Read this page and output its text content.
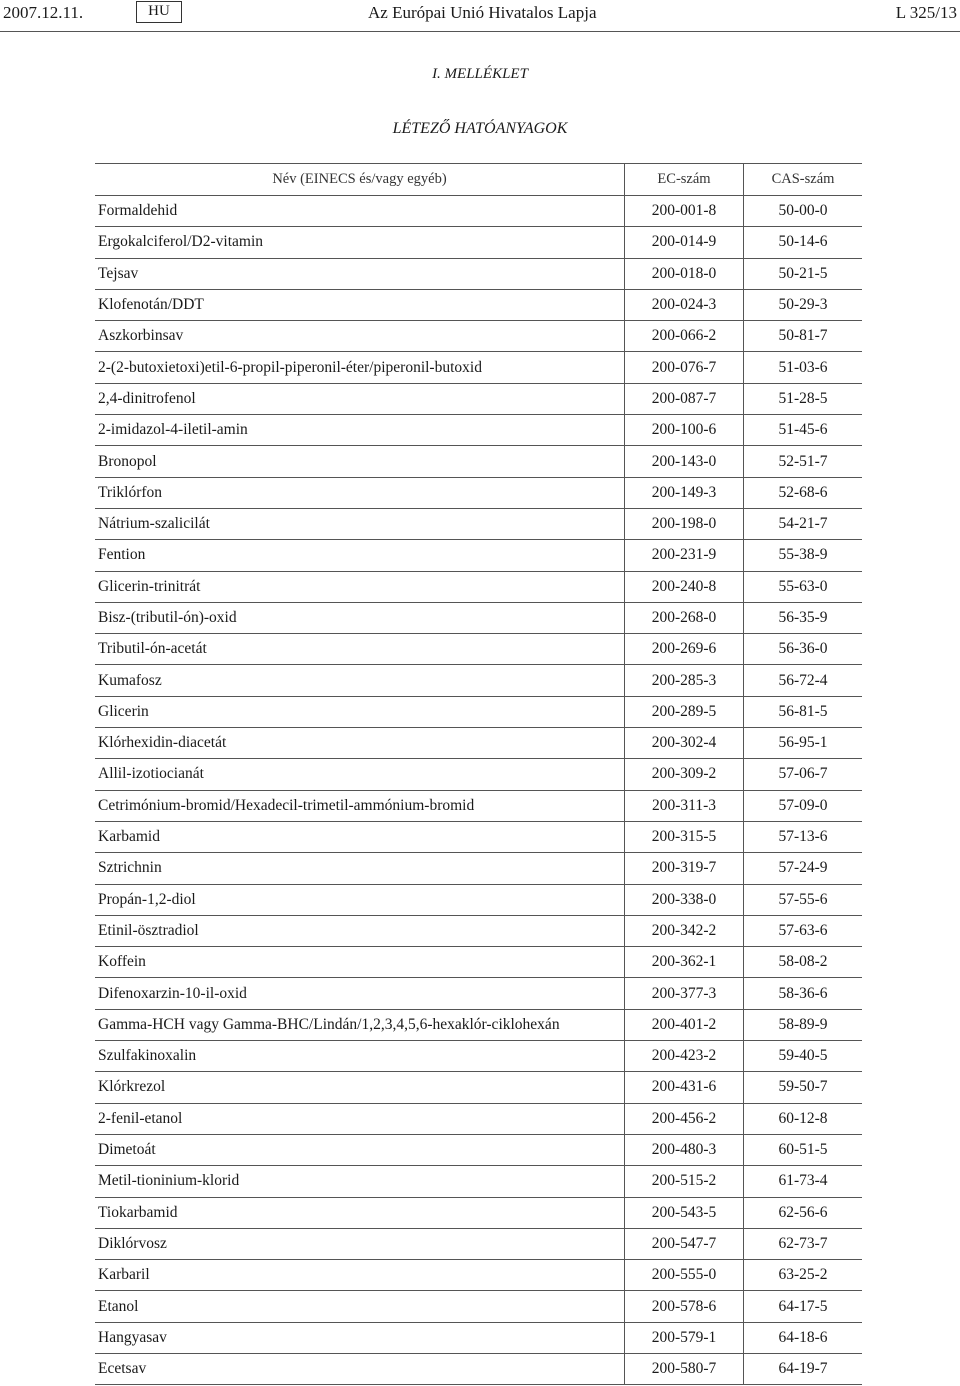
2007.12.11.	HU	Az Európai Unió Hivatalos Lapja	L 325/13
I. MELLÉKLET
LÉTEZŐ HATÓANYAGOK
Név (EINECS és/vagy egyéb)	EC-szám	CAS-szám
Formaldehid	200-001-8	50-00-0
Ergokalciferol/D2-vitamin	200-014-9	50-14-6
Tejsav	200-018-0	50-21-5
Klofenotán/DDT	200-024-3	50-29-3
Aszkorbinsav	200-066-2	50-81-7
2-(2-butoxietoxi)etil-6-propil-piperonil-éter/piperonil-butoxid	200-076-7	51-03-6
2,4-dinitrofenol	200-087-7	51-28-5
2-imidazol-4-iletil-amin	200-100-6	51-45-6
Bronopol	200-143-0	52-51-7
Triklórfon	200-149-3	52-68-6
Nátrium-szalicilát	200-198-0	54-21-7
Fention	200-231-9	55-38-9
Glicerin-trinitrát	200-240-8	55-63-0
Bisz-(tributil-ón)-oxid	200-268-0	56-35-9
Tributil-ón-acetát	200-269-6	56-36-0
Kumafosz	200-285-3	56-72-4
Glicerin	200-289-5	56-81-5
Klórhexidin-diacetát	200-302-4	56-95-1
Allil-izotiocianát	200-309-2	57-06-7
Cetrimónium-bromid/Hexadecil-trimetil-ammónium-bromid	200-311-3	57-09-0
Karbamid	200-315-5	57-13-6
Sztrichnin	200-319-7	57-24-9
Propán-1,2-diol	200-338-0	57-55-6
Etinil-ösztradiol	200-342-2	57-63-6
Koffein	200-362-1	58-08-2
Difenoxarzin-10-il-oxid	200-377-3	58-36-6
Gamma-HCH vagy Gamma-BHC/Lindán/1,2,3,4,5,6-hexaklór-ciklohexán	200-401-2	58-89-9
Szulfakinoxalin	200-423-2	59-40-5
Klórkrezol	200-431-6	59-50-7
2-fenil-etanol	200-456-2	60-12-8
Dimetoát	200-480-3	60-51-5
Metil-tioninium-klorid	200-515-2	61-73-4
Tiokarbamid	200-543-5	62-56-6
Diklórvosz	200-547-7	62-73-7
Karbaril	200-555-0	63-25-2
Etanol	200-578-6	64-17-5
Hangyasav	200-579-1	64-18-6
Ecetsav	200-580-7	64-19-7
